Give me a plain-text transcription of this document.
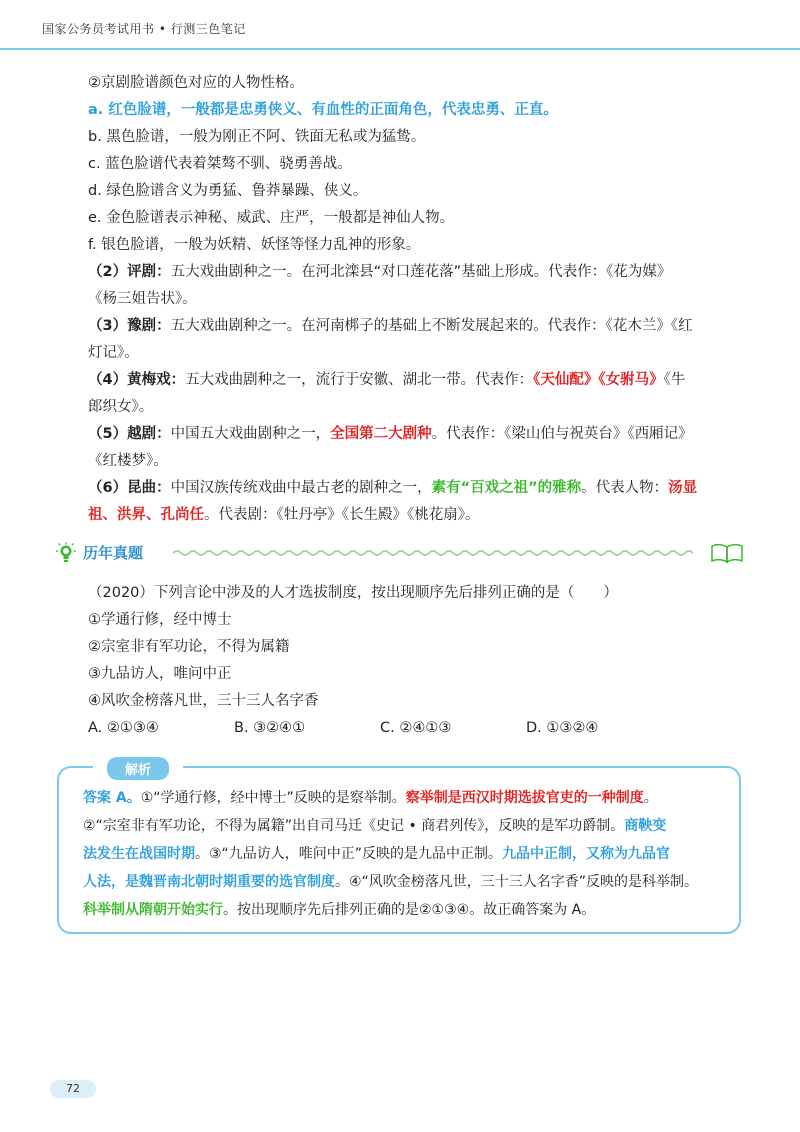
国家公务员考试用书 • 行测三色笔记
②京剧脸谱颜色对应的人物性格。
a. 红色脸谱，一般都是忠勇侠义、有血性的正面角色，代表忠勇、正直。
b. 黑色脸谱，一般为刚正不阿、铁面无私或为猛鸷。
c. 蓝色脸谱代表着桀骜不驯、骁勇善战。
d. 绿色脸谱含义为勇猛、鲁莽暴躁、侠义。
e. 金色脸谱表示神秘、威武、庄严，一般都是神仙人物。
f. 银色脸谱，一般为妖精、妖怪等怪力乱神的形象。
（2）评剧：五大戏曲剧种之一。在河北滦县“对口莲花落”基础上形成。代表作：《花为媒》
《杨三姐告状》。
（3）豫剧：五大戏曲剧种之一。在河南梆子的基础上不断发展起来的。代表作：《花木兰》《红
灯记》。
（4）黄梅戏：五大戏曲剧种之一，流行于安徽、湖北一带。代表作：《天仙配》《女驸马》《牛
郎织女》。
（5）越剧：中国五大戏曲剧种之一，全国第二大剧种。代表作：《梁山伯与祝英台》《西厢记》
《红楼梦》。
（6）昆曲：中国汉族传统戏曲中最古老的剧种之一，素有“百戏之祖”的雅称。代表人物：汤显
祖、洪昇、孔尚任。代表剧：《牡丹亭》《长生殿》《桃花扇》。
历年真题
（2020）下列言论中涉及的人才选拔制度，按出现顺序先后排列正确的是（　　）
①学通行修，经中博士
②宗室非有军功论，不得为属籍
③九品访人，唯问中正
④风吹金榜落凡世，三十三人名字香
A. ②①③④	B. ③②④①	C. ②④①③	D. ①③②④
解析
答案 A。①“学通行修，经中博士”反映的是察举制。察举制是西汉时期选拔官吏的一种制度。
②“宗室非有军功论，不得为属籍”出自司马迁《史记 • 商君列传》，反映的是军功爵制。商鞅变
法发生在战国时期。③“九品访人，唯问中正”反映的是九品中正制。九品中正制，又称为九品官
人法，是魏晋南北朝时期重要的选官制度。④“风吹金榜落凡世，三十三人名字香”反映的是科举制。
科举制从隋朝开始实行。按出现顺序先后排列正确的是②①③④。故正确答案为 A。
72
